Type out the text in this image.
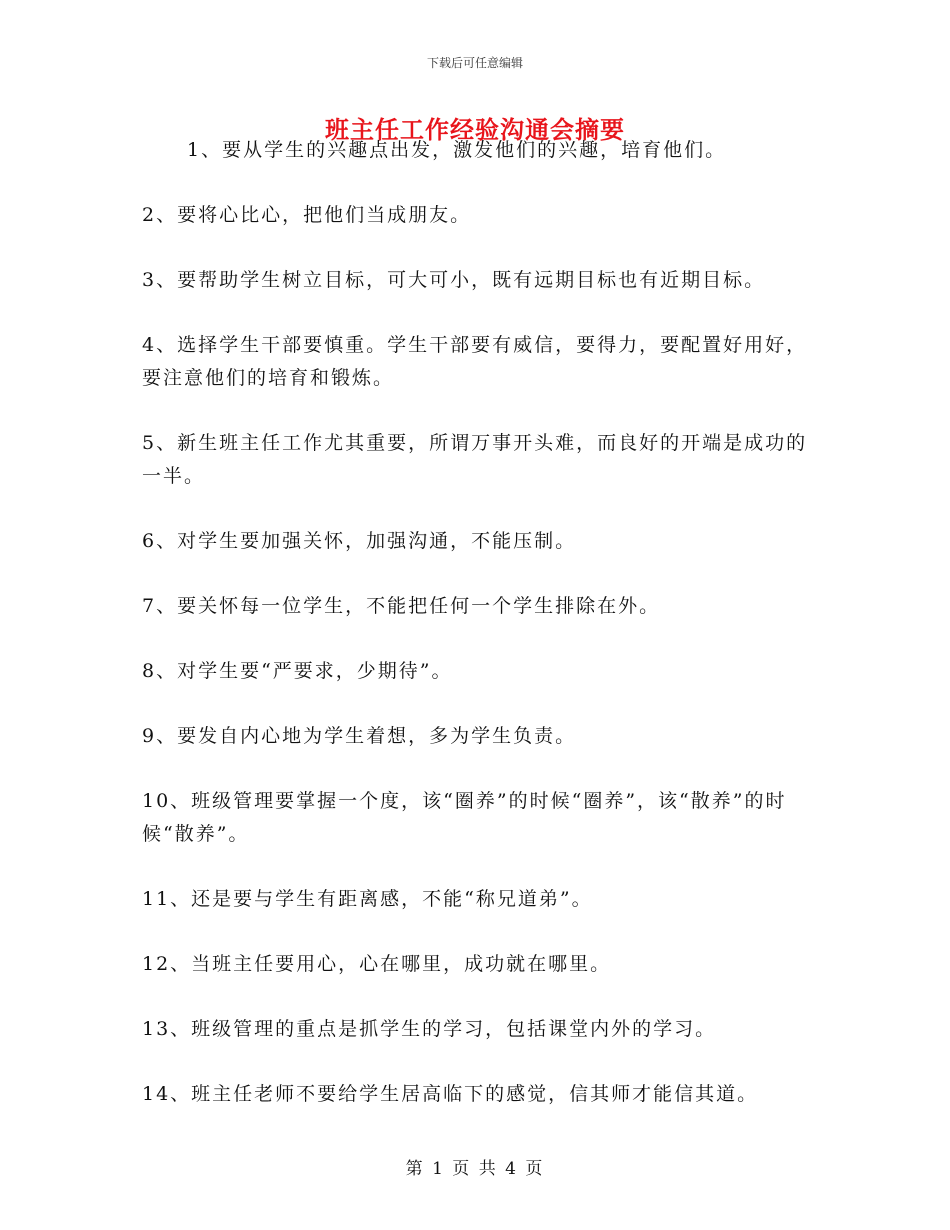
下载后可任意编辑
班主任工作经验沟通会摘要

1、要从学生的兴趣点出发，激发他们的兴趣，培育他们。

2、要将心比心，把他们当成朋友。

3、要帮助学生树立目标，可大可小，既有远期目标也有近期目标。

4、选择学生干部要慎重。学生干部要有威信，要得力，要配置好用好，要注意他们的培育和锻炼。

5、新生班主任工作尤其重要，所谓万事开头难，而良好的开端是成功的一半。

6、对学生要加强关怀，加强沟通，不能压制。

7、要关怀每一位学生，不能把任何一个学生排除在外。

8、对学生要“严要求，少期待”。

9、要发自内心地为学生着想，多为学生负责。

10、班级管理要掌握一个度，该“圈养”的时候“圈养”，该“散养”的时候“散养”。

11、还是要与学生有距离感，不能“称兄道弟”。

12、当班主任要用心，心在哪里，成功就在哪里。

13、班级管理的重点是抓学生的学习，包括课堂内外的学习。

14、班主任老师不要给学生居高临下的感觉，信其师才能信其道。

第 1 页 共 4 页
